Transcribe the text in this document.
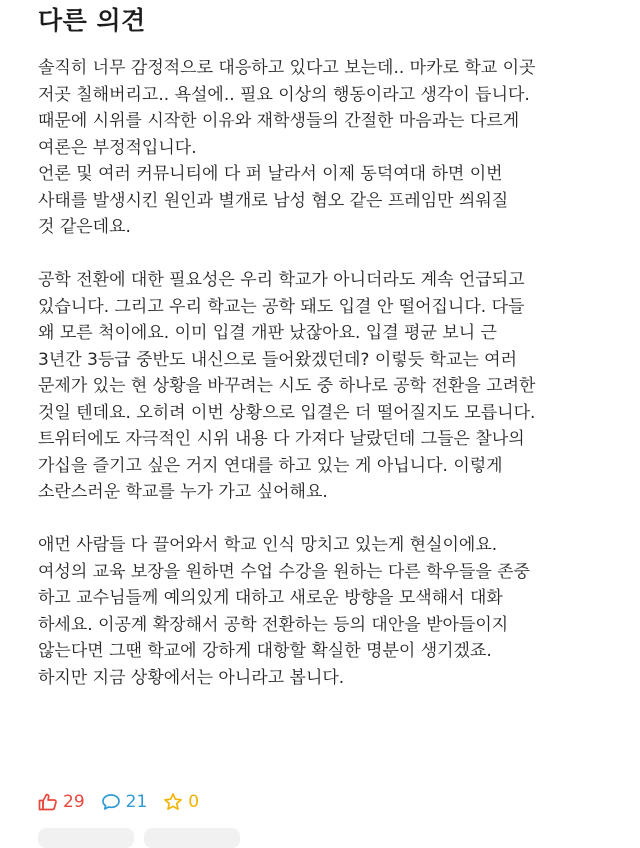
다른 의견
솔직히 너무 감정적으로 대응하고 있다고 보는데.. 마카로 학교 이곳
저곳 칠해버리고.. 욕설에.. 필요 이상의 행동이라고 생각이 듭니다.
때문에 시위를 시작한 이유와 재학생들의 간절한 마음과는 다르게
여론은 부정적입니다.
언론 및 여러 커뮤니티에 다 퍼 날라서 이제 동덕여대 하면 이번
사태를 발생시킨 원인과 별개로 남성 혐오 같은 프레임만 씌워질
것 같은데요.
공학 전환에 대한 필요성은 우리 학교가 아니더라도 계속 언급되고
있습니다. 그리고 우리 학교는 공학 돼도 입결 안 떨어집니다. 다들
왜 모른 척이에요. 이미 입결 개판 났잖아요. 입결 평균 보니 근
3년간 3등급 중반도 내신으로 들어왔겠던데? 이렇듯 학교는 여러
문제가 있는 현 상황을 바꾸려는 시도 중 하나로 공학 전환을 고려한
것일 텐데요. 오히려 이번 상황으로 입결은 더 떨어질지도 모릅니다.
트위터에도 자극적인 시위 내용 다 가져다 날랐던데 그들은 찰나의
가십을 즐기고 싶은 거지 연대를 하고 있는 게 아닙니다. 이렇게
소란스러운 학교를 누가 가고 싶어해요.
애먼 사람들 다 끌어와서 학교 인식 망치고 있는게 현실이에요.
여성의 교육 보장을 원하면 수업 수강을 원하는 다른 학우들을 존중
하고 교수님들께 예의있게 대하고 새로운 방향을 모색해서 대화
하세요. 이공계 확장해서 공학 전환하는 등의 대안을 받아들이지
않는다면 그땐 학교에 강하게 대항할 확실한 명분이 생기겠죠.
하지만 지금 상황에서는 아니라고 봅니다.
29 21 0
